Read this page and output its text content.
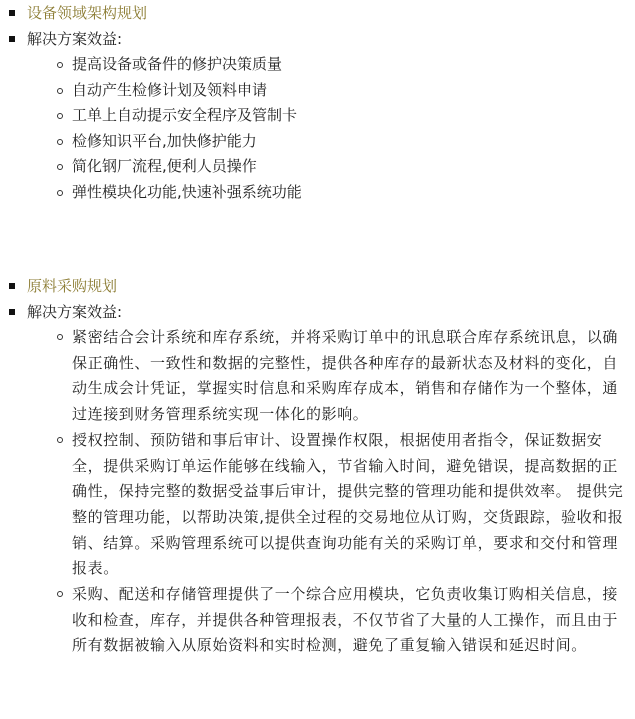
设备领域架构规划
解决方案效益:
提高设备或备件的修护决策质量
自动产生检修计划及领料申请
工单上自动提示安全程序及管制卡
检修知识平台,加快修护能力
简化钢厂流程,便利人员操作
弹性模块化功能,快速补强系统功能
原料采购规划
解决方案效益:
紧密结合会计系统和库存系统，并将采购订单中的讯息联合库存系统讯息，以确保正确性、一致性和数据的完整性，提供各种库存的最新状态及材料的变化，自动生成会计凭证，掌握实时信息和采购库存成本，销售和存储作为一个整体，通过连接到财务管理系统实现一体化的影响。
授权控制、预防错和事后审计、设置操作权限，根据使用者指令，保证数据安全，提供采购订单运作能够在线输入，节省输入时间，避免错误，提高数据的正确性，保持完整的数据受益事后审计，提供完整的管理功能和提供效率。 提供完整的管理功能，以帮助决策,提供全过程的交易地位从订购，交货跟踪，验收和报销、结算。采购管理系统可以提供查询功能有关的采购订单，要求和交付和管理报表。
采购、配送和存储管理提供了一个综合应用模块，它负责收集订购相关信息，接收和检查，库存，并提供各种管理报表，不仅节省了大量的人工操作，而且由于所有数据被输入从原始资料和实时检测，避免了重复输入错误和延迟时间。
